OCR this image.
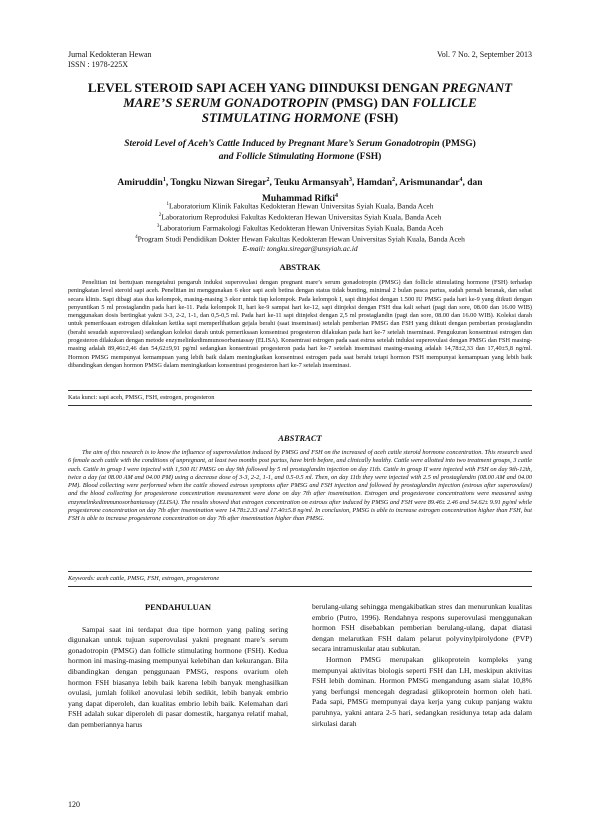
Jurnal Kedokteran Hewan
ISSN : 1978-225X
Vol. 7 No. 2, September 2013
LEVEL STEROID SAPI ACEH YANG DIINDUKSI DENGAN PREGNANT
MARE’S SERUM GONADOTROPIN (PMSG) DAN FOLLICLE
STIMULATING HORMONE (FSH)
Steroid Level of Aceh’s Cattle Induced by Pregnant Mare’s Serum Gonadotropin (PMSG)
and Follicle Stimulating Hormone (FSH)

Amiruddin$^1$, Tongku Nizwan Siregar$^2$, Teuku Armansyah$^3$, Hamdan$^2$, Arismunandar$^4$, dan
Muhammad Rifki$^4$

$^1$Laboratorium Klinik Fakultas Kedokteran Hewan Universitas Syiah Kuala, Banda Aceh
$^2$Laboratorium Reproduksi Fakultas Kedokteran Hewan Universitas Syiah Kuala, Banda Aceh
$^3$Laboratorium Farmakologi Fakultas Kedokteran Hewan Universitas Syiah Kuala, Banda Aceh
$^4$Program Studi Pendidikan Dokter Hewan Fakultas Kedokteran Hewan Universitas Syiah Kuala, Banda Aceh
E-mail: tongku.siregar@unsyiah.ac.id
ABSTRAK

Penelitian ini bertujuan mengetahui pengaruh induksi superovulasi dengan pregnant mare’s serum gonadotropin (PMSG) dan follicle stimulating hormone (FSH) terhadap peningkatan level steroid sapi aceh. Penelitian ini menggunakan 6 ekor sapi aceh betina dengan status tidak bunting, minimal 2 bulan pasca partus, sudah pernah beranak, dan sehat secara klinis. Sapi dibagi atas dua kelompok, masing-masing 3 ekor untuk tiap kelompok. Pada kelompok I, sapi diinjeksi dengan 1.500 IU PMSG pada hari ke-9 yang diikuti dengan penyuntikan 5 ml prostaglandin pada hari ke-11. Pada kelompok II, hari ke-9 sampai hari ke-12, sapi diinjeksi dengan FSH dua kali sehari (pagi dan sore, 08.00 dan 16.00 WIB) menggunakan dosis bertingkat yakni 3-3, 2-2, 1-1, dan 0,5-0,5 ml. Pada hari ke-11 sapi diinjeksi dengan 2,5 ml prostaglandin (pagi dan sore, 08.00 dan 16.00 WIB). Koleksi darah untuk pemeriksaan estrogen dilakukan ketika sapi memperlihatkan gejala berahi (saat inseminasi) setelah pemberian PMSG dan FSH yang diikuti dengan pemberian prostaglandin (berahi sesudah superovulasi) sedangkan koleksi darah untuk pemeriksaan konsentrasi progesteron dilakukan pada hari ke-7 setelah inseminasi. Pengukuran konsentrasi estrogen dan progesteron dilakukan dengan metode enzymelinkedimmunosorbantassay (ELISA). Konsentrasi estrogen pada saat estrus setelah induksi superovulasi dengan PMSG dan FSH masing-masing adalah 89,46±2,46 dan 54,62±9,91 pg/ml sedangkan konsentrasi progesteron pada hari ke-7 setelah inseminasi masing-masing adalah 14,78±2,33 dan 17,40±5,8 ng/ml. Hormon PMSG mempunyai kemampuan yang lebih baik dalam meningkatkan konsentrasi estrogen pada saat berahi tetapi hormon FSH mempunyai kemampuan yang lebih baik dibandingkan dengan hormon PMSG dalam meningkatkan konsentrasi progesteron hari ke-7 setelah inseminasi.

Kata kunci: sapi aceh, PMSG, FSH, estrogen, progesteron
ABSTRACT

The aim of this research is to know the influence of superovulation induced by PMSG and FSH on the increased of aceh cattle steroid hormone concentration. This research used 6 female aceh cattle with the conditions of unpregnant, at least two months post partus, have birth before, and clinically healthy. Cattle were allotted into two treatment groups, 3 cattle each. Cattle in group I were injected with 1,500 IU PMSG on day 9th followed by 5 ml prostaglandin injection on day 11th. Cattle in group II were injected with FSH on day 9th-12th, twice a day (at 08.00 AM and 04.00 PM) using a decrease dose of 3-3, 2-2, 1-1, and 0.5-0.5 ml. Then, on day 11th they were injected with 2.5 ml prostaglandin (08.00 AM and 04.00 PM). Blood collecting were performed when the cattle showed estrous symptoms after PMSG and FSH injection and followed by prostaglandin injection (estrous after superovulasi) and the blood collecting for progesterone concentration measurement were done on day 7th after insemination. Estrogen and progesterone concentrations were measured using enzymelinkedimmunosorbantassay (ELISA). The results showed that estrogen concentration on estrous after induced by PMSG and FSH were 89.46± 2.46 and 54.62± 9.91 pg/ml while progesterone concentration on day 7th after insemination were 14.78±2.33 and 17.40±5.8 ng/ml. In conclusion, PMSG is able to increase estrogen concentration higher than FSH, but FSH is able to increase progesterone concentration on day 7th after insemination higher than PMSG.

Keywords: aceh cattle, PMSG, FSH, estrogen, progesterone
PENDAHULUAN

Sampai saat ini terdapat dua tipe hormon yang paling sering digunakan untuk tujuan superovulasi yakni pregnant mare’s serum gonadotropin (PMSG) dan follicle stimulating hormone (FSH). Kedua hormon ini masing-masing mempunyai kelebihan dan kekurangan. Bila dibandingkan dengan penggunaan PMSG, respons ovarium oleh hormon FSH biasanya lebih baik karena lebih banyak menghasilkan ovulasi, jumlah folikel anovulasi lebih sedikit, lebih banyak embrio yang dapat diperoleh, dan kualitas embrio lebih baik. Kelemahan dari FSH adalah sukar diperoleh di pasar domestik, harganya relatif mahal, dan pemberiannya harus

berulang-ulang sehingga mengakibatkan stres dan menurunkan kualitas embrio (Putro, 1996). Rendahnya respons superovulasi menggunakan hormon FSH disebabkan pemberian berulang-ulang, dapat diatasi dengan melarutkan FSH dalam pelarut polyvinylpirolydone (PVP) secara intramuskular atau subkutan.

Hormon PMSG merupakan glikoprotein kompleks yang mempunyai aktivitas biologis seperti FSH dan LH, meskipun aktivitas FSH lebih dominan. Hormon PMSG mengandung asam sialat 10,8% yang berfungsi mencegah degradasi glikoprotein hormon oleh hati. Pada sapi, PMSG mempunyai daya kerja yang cukup panjang waktu paruhnya, yakni antara 2-5 hari, sedangkan residunya tetap ada dalam sirkulasi darah

120
